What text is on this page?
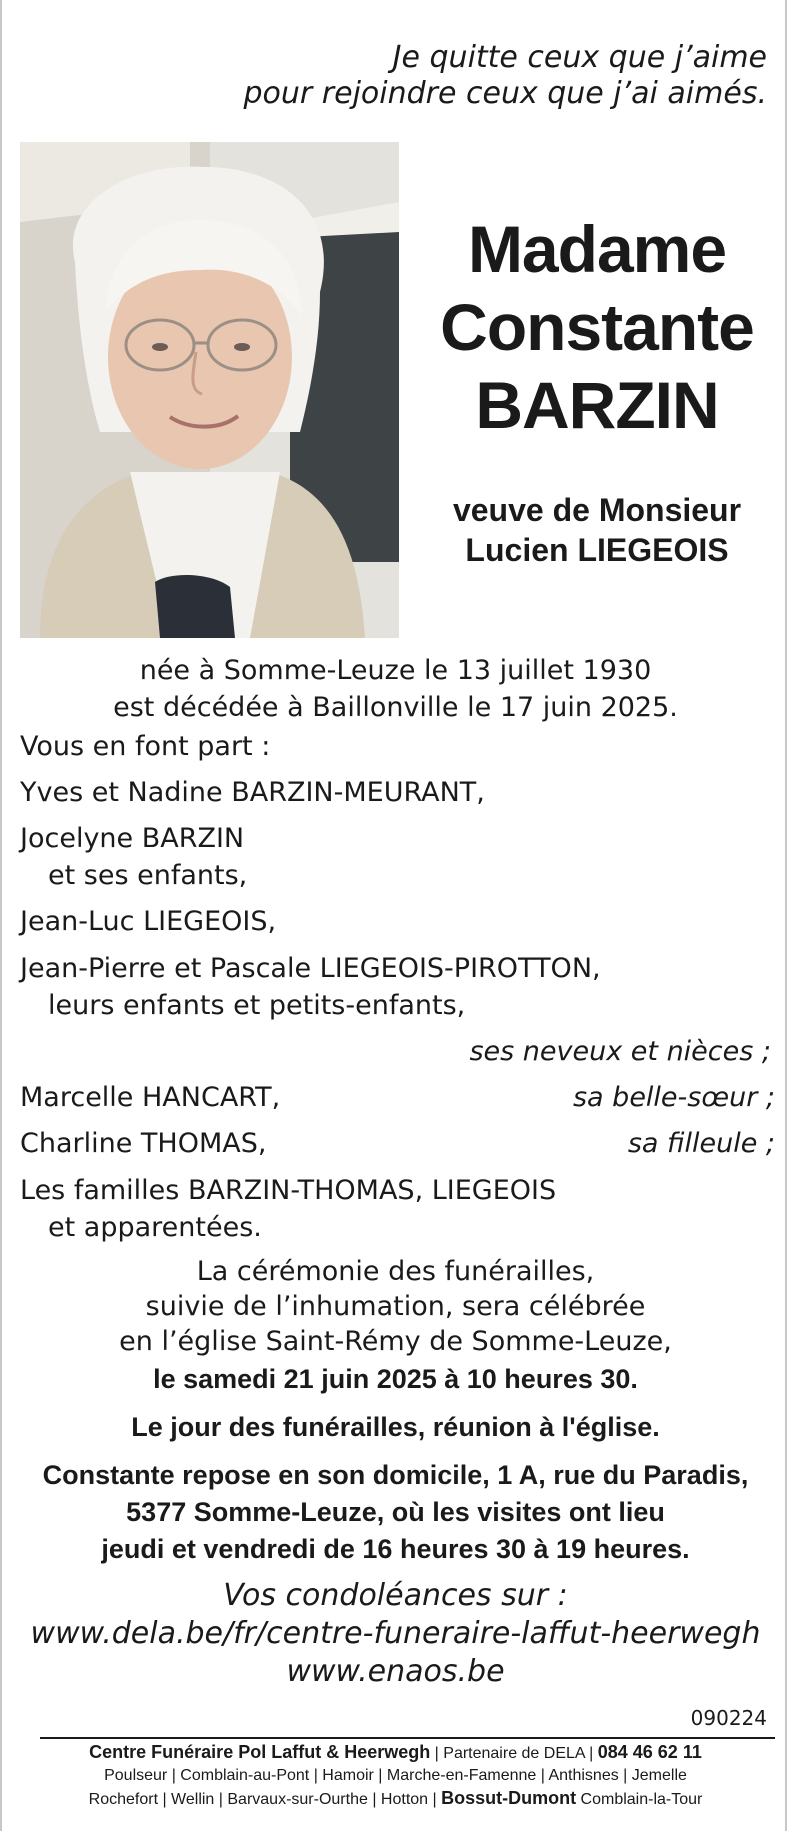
Je quitte ceux que j’aime
pour rejoindre ceux que j’ai aimés.
Madame
Constante
BARZIN
veuve de Monsieur
Lucien LIEGEOIS
née à Somme-Leuze le 13 juillet 1930
est décédée à Baillonville le 17 juin 2025.
Vous en font part :
Yves et Nadine BARZIN-MEURANT,
Jocelyne BARZIN
et ses enfants,
Jean-Luc LIEGEOIS,
Jean-Pierre et Pascale LIEGEOIS-PIROTTON,
leurs enfants et petits-enfants,
ses neveux et nièces ;
Marcelle HANCART,	sa belle-sœur ;
Charline THOMAS,	sa filleule ;
Les familles BARZIN-THOMAS, LIEGEOIS
et apparentées.
La cérémonie des funérailles,
suivie de l’inhumation, sera célébrée
en l’église Saint-Rémy de Somme-Leuze,
le samedi 21 juin 2025 à 10 heures 30.
Le jour des funérailles, réunion à l'église.
Constante repose en son domicile, 1 A, rue du Paradis,
5377 Somme-Leuze, où les visites ont lieu
jeudi et vendredi de 16 heures 30 à 19 heures.
Vos condoléances sur :
www.dela.be/fr/centre-funeraire-laffut-heerwegh
www.enaos.be
090224
Centre Funéraire Pol Laffut & Heerwegh | Partenaire de DELA | 084 46 62 11
Poulseur | Comblain-au-Pont | Hamoir | Marche-en-Famenne | Anthisnes | Jemelle
Rochefort | Wellin | Barvaux-sur-Ourthe | Hotton | Bossut-Dumont Comblain-la-Tour
